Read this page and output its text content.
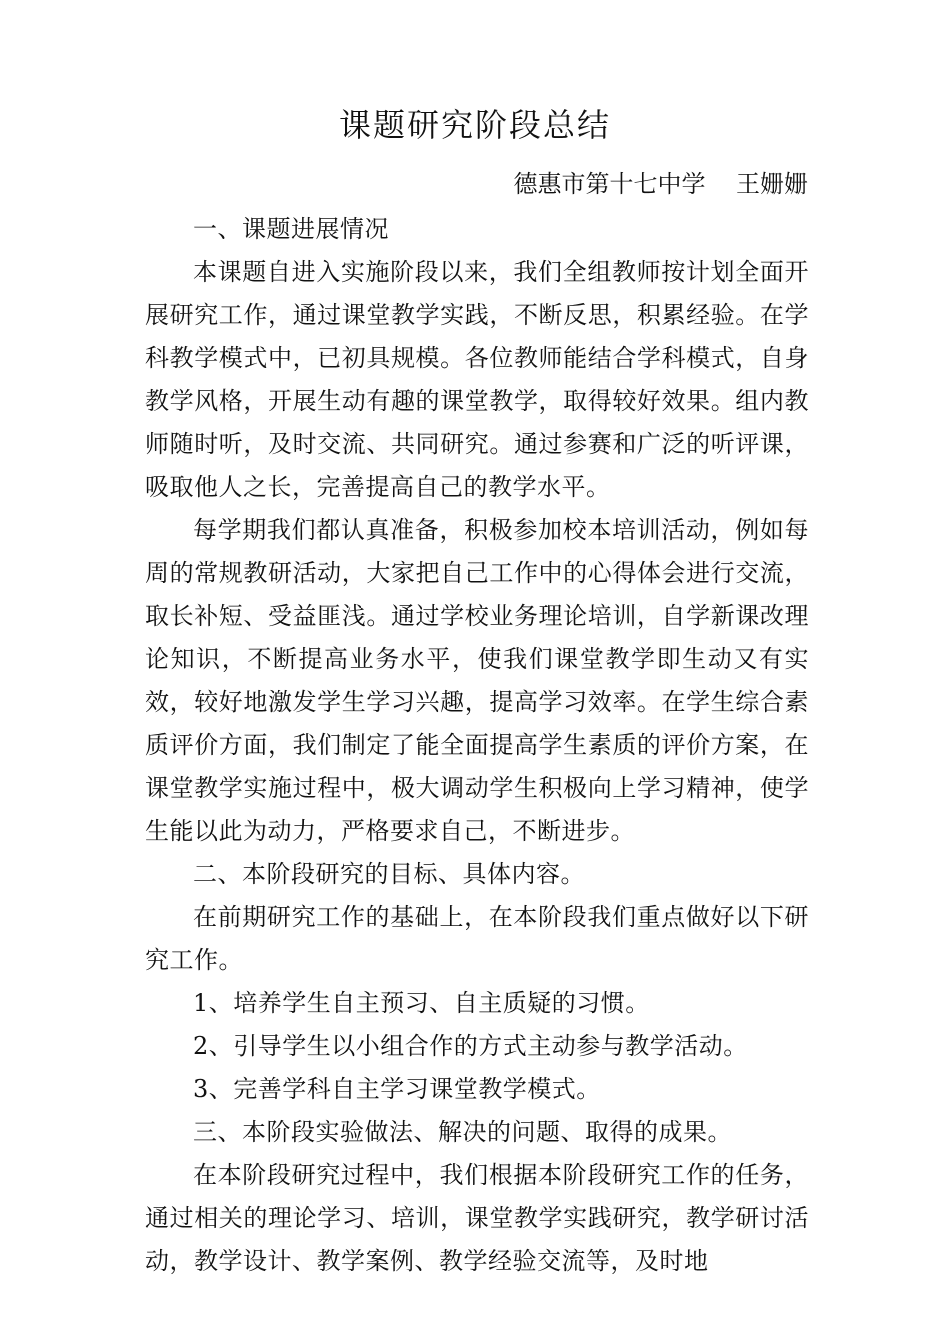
课题研究阶段总结

德惠市第十七中学    王姗姗

一、课题进展情况

本课题自进入实施阶段以来，我们全组教师按计划全面开展研究工作，通过课堂教学实践，不断反思，积累经验。在学科教学模式中，已初具规模。各位教师能结合学科模式，自身教学风格，开展生动有趣的课堂教学，取得较好效果。组内教师随时听，及时交流、共同研究。通过参赛和广泛的听评课，吸取他人之长，完善提高自己的教学水平。

每学期我们都认真准备，积极参加校本培训活动，例如每周的常规教研活动，大家把自己工作中的心得体会进行交流，取长补短、受益匪浅。通过学校业务理论培训，自学新课改理论知识，不断提高业务水平，使我们课堂教学即生动又有实效，较好地激发学生学习兴趣，提高学习效率。在学生综合素质评价方面，我们制定了能全面提高学生素质的评价方案，在课堂教学实施过程中，极大调动学生积极向上学习精神，使学生能以此为动力，严格要求自己，不断进步。

二、本阶段研究的目标、具体内容。

在前期研究工作的基础上，在本阶段我们重点做好以下研究工作。

1、培养学生自主预习、自主质疑的习惯。

2、引导学生以小组合作的方式主动参与教学活动。

3、完善学科自主学习课堂教学模式。

三、本阶段实验做法、解决的问题、取得的成果。

在本阶段研究过程中，我们根据本阶段研究工作的任务，通过相关的理论学习、培训，课堂教学实践研究，教学研讨活动，教学设计、教学案例、教学经验交流等，及时地
